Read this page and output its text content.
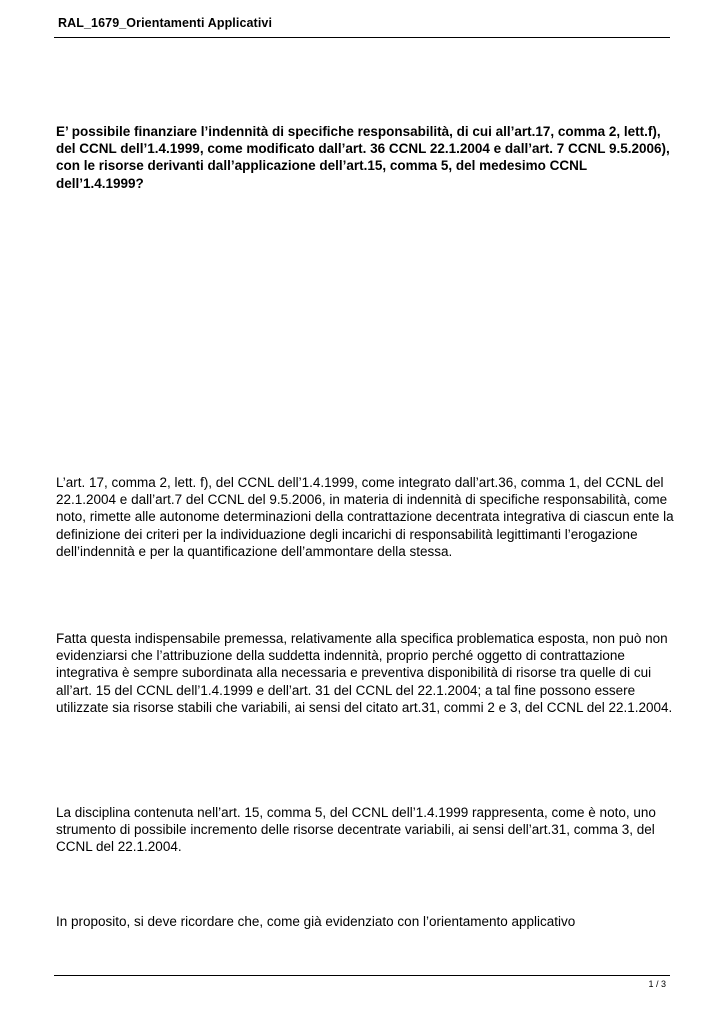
RAL_1679_Orientamenti Applicativi
E’ possibile finanziare l’indennità di specifiche responsabilità, di cui all’art.17, comma 2, lett.f), del CCNL dell’1.4.1999, come modificato dall’art. 36 CCNL 22.1.2004 e dall’art. 7 CCNL 9.5.2006), con le risorse derivanti dall’applicazione dell’art.15, comma 5, del medesimo CCNL dell’1.4.1999?
L’art. 17, comma 2, lett. f), del CCNL dell’1.4.1999, come integrato dall’art.36, comma 1, del CCNL del 22.1.2004 e dall’art.7 del CCNL del 9.5.2006, in materia di indennità di specifiche responsabilità, come noto, rimette alle autonome determinazioni della contrattazione decentrata integrativa di ciascun ente la definizione dei criteri per la individuazione degli incarichi di responsabilità legittimanti l’erogazione dell’indennità e per la quantificazione dell’ammontare della stessa.
Fatta questa indispensabile premessa, relativamente alla specifica problematica esposta, non può non evidenziarsi che l’attribuzione della suddetta indennità, proprio perché oggetto di contrattazione integrativa è sempre subordinata alla necessaria e preventiva disponibilità di risorse tra quelle di cui all’art. 15 del CCNL dell’1.4.1999 e dell’art. 31 del CCNL del 22.1.2004; a tal fine possono essere utilizzate sia risorse stabili che variabili, ai sensi del citato art.31, commi 2 e 3, del CCNL del 22.1.2004.
La disciplina contenuta nell’art. 15, comma 5, del CCNL dell’1.4.1999 rappresenta, come è noto, uno strumento di possibile incremento delle risorse decentrate variabili, ai sensi dell’art.31, comma 3, del CCNL del 22.1.2004.
In proposito, si deve ricordare che, come già evidenziato con l’orientamento applicativo
1 / 3
